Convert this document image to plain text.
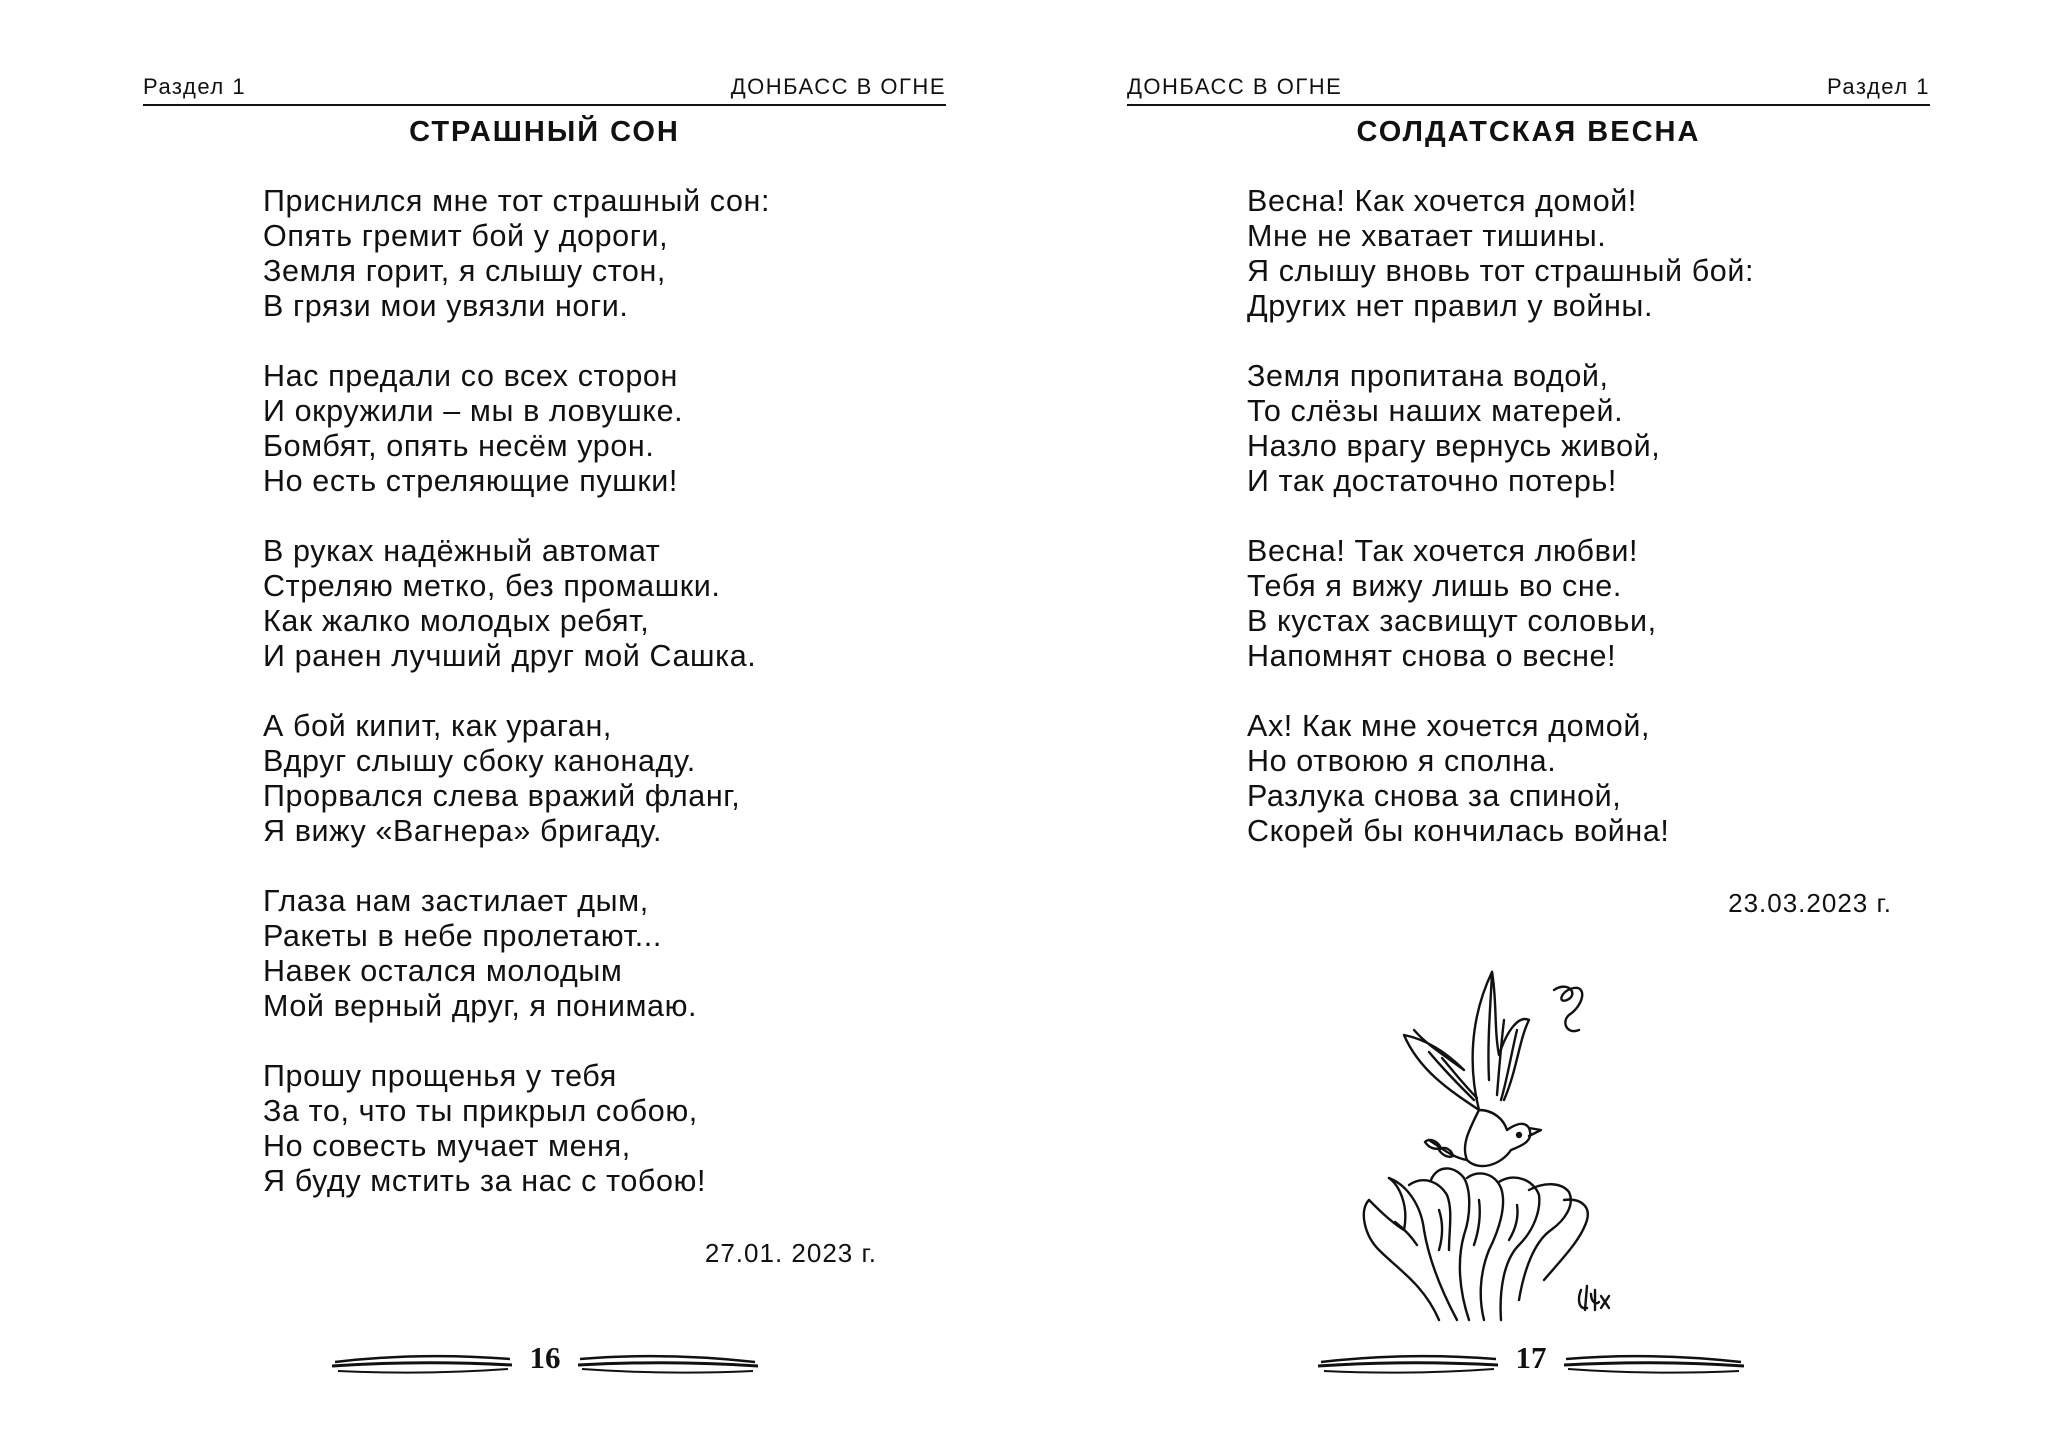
Раздел 1	ДОНБАСС В ОГНЕ
СТРАШНЫЙ СОН
Приснился мне тот страшный сон:
Опять гремит бой у дороги,
Земля горит, я слышу стон,
В грязи мои увязли ноги.
Нас предали со всех сторон
И окружили – мы в ловушке.
Бомбят, опять несём урон.
Но есть стреляющие пушки!
В руках надёжный автомат
Стреляю метко, без промашки.
Как жалко молодых ребят,
И ранен лучший друг мой Сашка.
А бой кипит, как ураган,
Вдруг слышу сбоку канонаду.
Прорвался слева вражий фланг,
Я вижу «Вагнера» бригаду.
Глаза нам застилает дым,
Ракеты в небе пролетают...
Навек остался молодым
Мой верный друг, я понимаю.
Прошу прощенья у тебя
За то, что ты прикрыл собою,
Но совесть мучает меня,
Я буду мстить за нас с тобою!
27.01. 2023 г.
16
ДОНБАСС В ОГНЕ	Раздел 1
СОЛДАТСКАЯ ВЕСНА
Весна! Как хочется домой!
Мне не хватает тишины.
Я слышу вновь тот страшный бой:
Других нет правил у войны.
Земля пропитана водой,
То слёзы наших матерей.
Назло врагу вернусь живой,
И так достаточно потерь!
Весна! Так хочется любви!
Тебя я вижу лишь во сне.
В кустах засвищут соловьи,
Напомнят снова о весне!
Ах! Как мне хочется домой,
Но отвоюю я сполна.
Разлука снова за спиной,
Скорей бы кончилась война!
23.03.2023 г.
17
